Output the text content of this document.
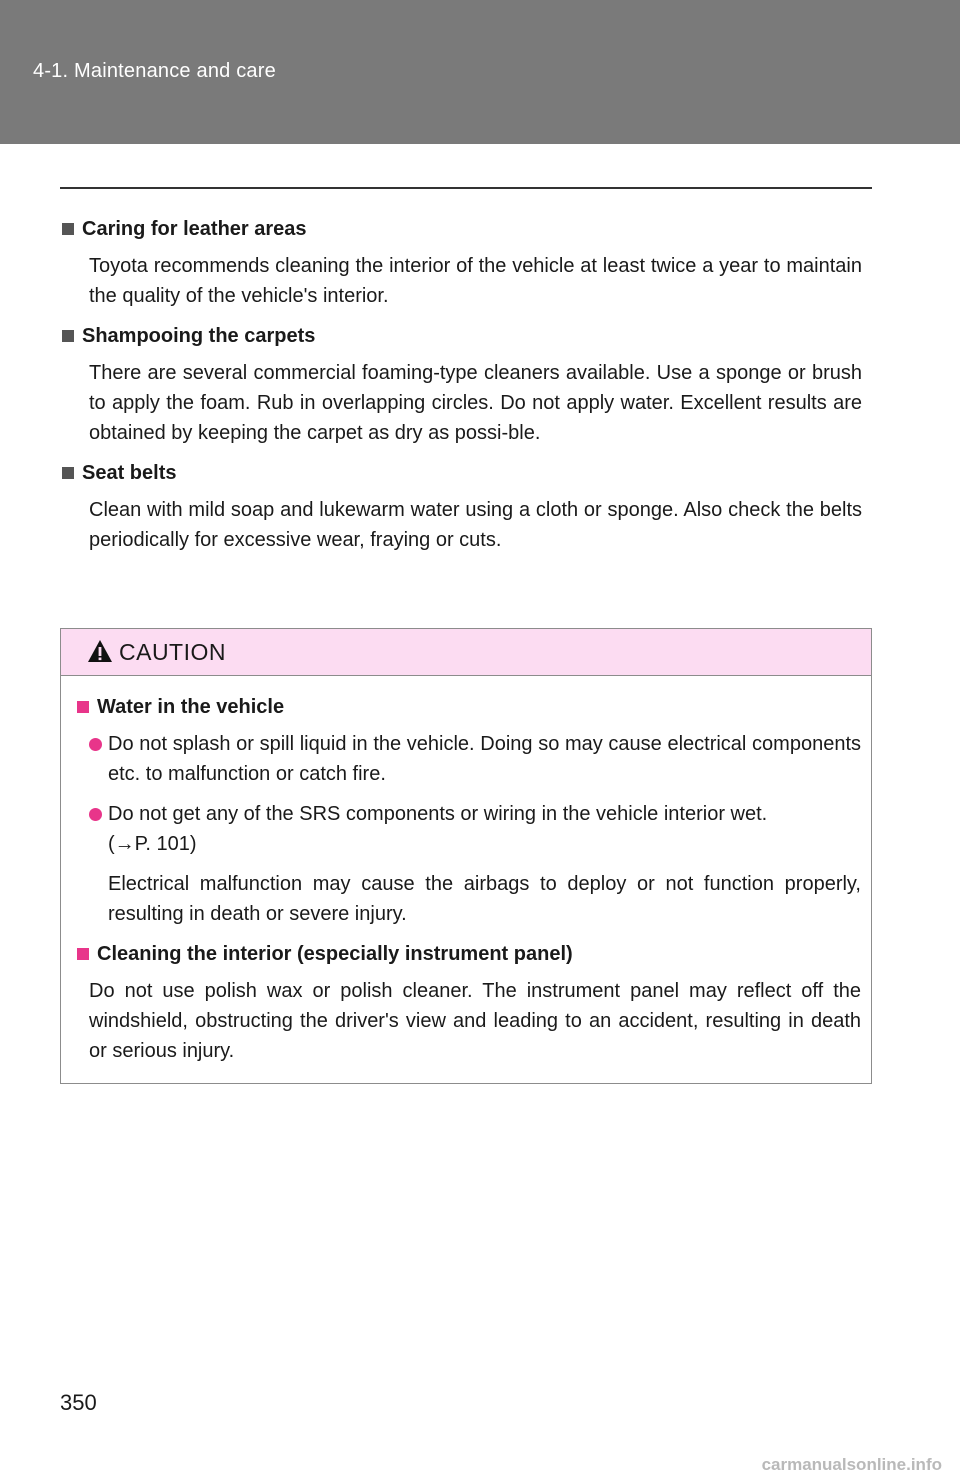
4-1. Maintenance and care
Caring for leather areas
Toyota recommends cleaning the interior of the vehicle at least twice a year to maintain the quality of the vehicle's interior.
Shampooing the carpets
There are several commercial foaming-type cleaners available. Use a sponge or brush to apply the foam. Rub in overlapping circles. Do not apply water. Excellent results are obtained by keeping the carpet as dry as possi-ble.
Seat belts
Clean with mild soap and lukewarm water using a cloth or sponge. Also check the belts periodically for excessive wear, fraying or cuts.
CAUTION
Water in the vehicle
Do not splash or spill liquid in the vehicle. Doing so may cause electrical components etc. to malfunction or catch fire.
Do not get any of the SRS components or wiring in the vehicle interior wet.
(→P. 101)
Electrical malfunction may cause the airbags to deploy or not function properly, resulting in death or severe injury.
Cleaning the interior (especially instrument panel)
Do not use polish wax or polish cleaner. The instrument panel may reflect off the windshield, obstructing the driver's view and leading to an accident, resulting in death or serious injury.
350
carmanualsonline.info
